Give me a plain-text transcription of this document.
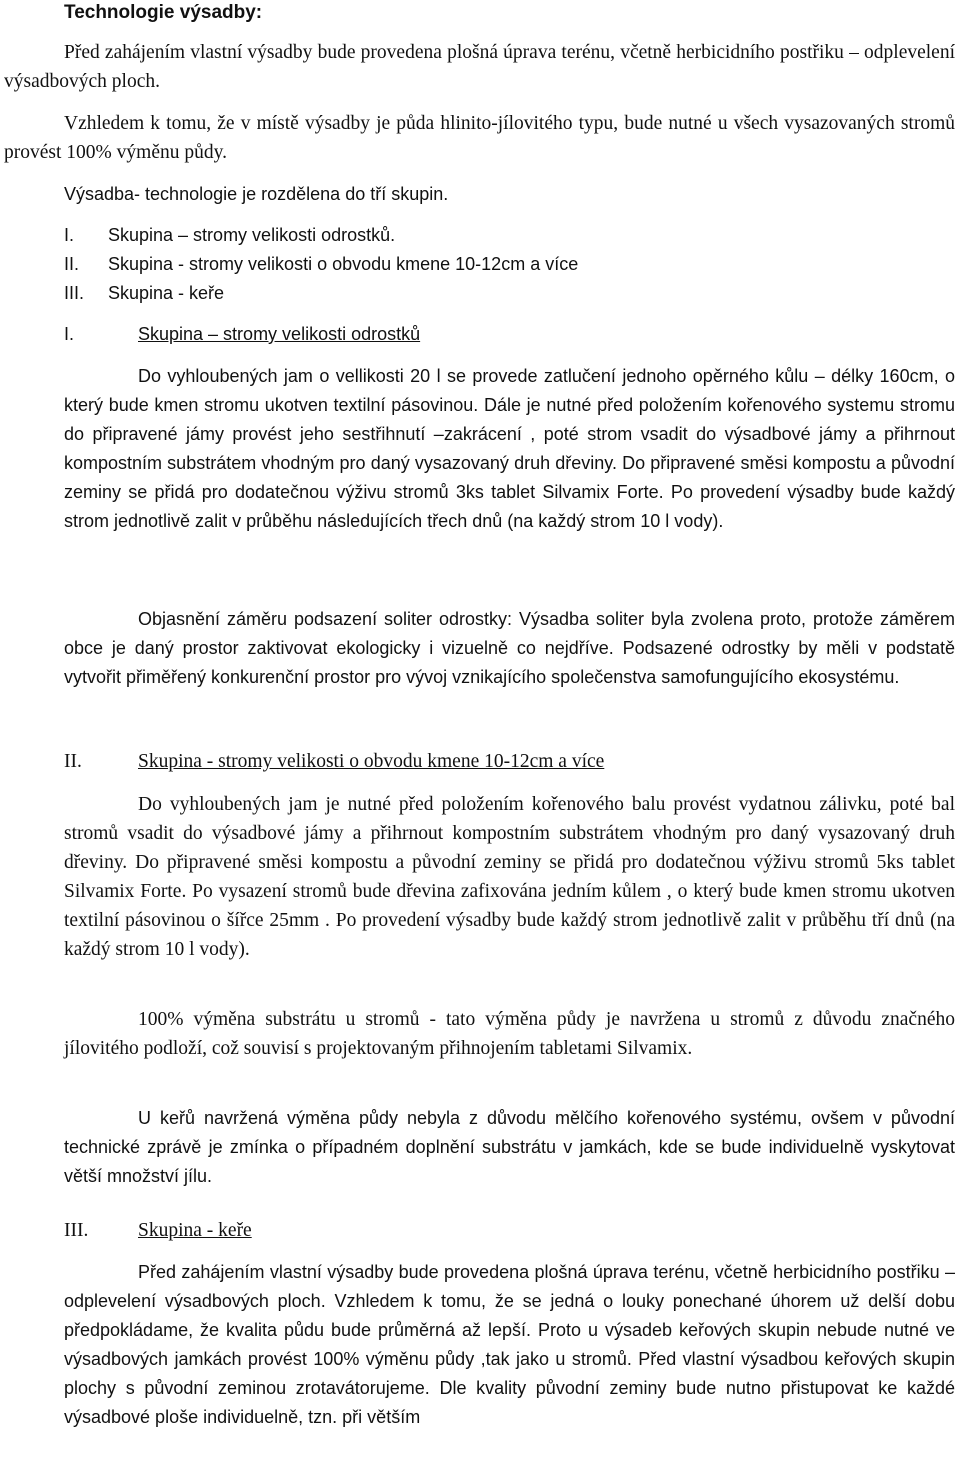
Technologie výsadby:
Před zahájením vlastní výsadby bude provedena plošná úprava terénu, včetně herbicidního postřiku – odplevelení výsadbových ploch.
Vzhledem k tomu, že v místě výsadby je půda hlinito-jílovitého typu, bude nutné u všech vysazovaných stromů provést 100% výměnu půdy.
Výsadba- technologie je rozdělena do tří skupin.
I. Skupina – stromy velikosti odrostků.
II. Skupina - stromy velikosti o obvodu kmene 10-12cm a více
III. Skupina - keře
I.	Skupina – stromy velikosti odrostků
Do vyhloubených jam o vellikosti 20 l se provede zatlučení jednoho opěrného kůlu – délky 160cm, o který bude kmen stromu ukotven textilní pásovinou. Dále je nutné před položením kořenového systemu stromu do připravené jámy provést jeho sestřihnutí –zakrácení , poté strom vsadit do výsadbové jámy a přihrnout kompostním substrátem vhodným pro daný vysazovaný druh dřeviny. Do připravené směsi kompostu a původní zeminy se přidá pro dodatečnou výživu stromů 3ks tablet Silvamix Forte. Po provedení výsadby bude každý strom jednotlivě zalit v průběhu následujících třech dnů (na každý strom 10 l vody).
Objasnění záměru podsazení soliter odrostky: Výsadba soliter byla zvolena proto, protože záměrem obce je daný prostor zaktivovat ekologicky i vizuelně co nejdříve. Podsazené odrostky by měli v podstatě vytvořit přiměřený konkurenční prostor pro vývoj vznikajícího společenstva samofungujícího ekosystému.
II.	Skupina - stromy velikosti o obvodu kmene 10-12cm a více
Do vyhloubených jam je nutné před položením kořenového balu provést vydatnou zálivku, poté bal stromů vsadit do výsadbové jámy a přihrnout kompostním substrátem vhodným pro daný vysazovaný druh dřeviny. Do připravené směsi kompostu a původní zeminy se přidá pro dodatečnou výživu stromů 5ks tablet Silvamix Forte. Po vysazení stromů bude dřevina zafixována jedním kůlem , o který bude kmen stromu ukotven textilní pásovinou o šířce 25mm . Po provedení výsadby bude každý strom jednotlivě zalit v průběhu tří dnů (na každý strom 10 l vody).
100% výměna substrátu u stromů - tato výměna půdy je navržena u stromů z důvodu značného jílovitého podloží, což souvisí s projektovaným přihnojením tabletami Silvamix.
U keřů navržená výměna půdy nebyla z důvodu mělčího kořenového systému, ovšem v původní technické zprávě je zmínka o případném doplnění substrátu v jamkách, kde se bude individuelně vyskytovat větší množství jílu.
III.	Skupina - keře
Před zahájením vlastní výsadby bude provedena plošná úprava terénu, včetně herbicidního postřiku – odplevelení výsadbových ploch. Vzhledem k tomu, že se jedná o louky ponechané úhorem už delší dobu předpokládame, že kvalita půdu bude průměrná až lepší. Proto u výsadeb keřových skupin nebude nutné ve výsadbových jamkách provést 100% výměnu půdy ,tak jako u stromů. Před vlastní výsadbou keřových skupin plochy s původní zeminou zrotavátorujeme. Dle kvality původní zeminy bude nutno přistupovat ke každé výsadbové ploše individuelně, tzn. při větším
